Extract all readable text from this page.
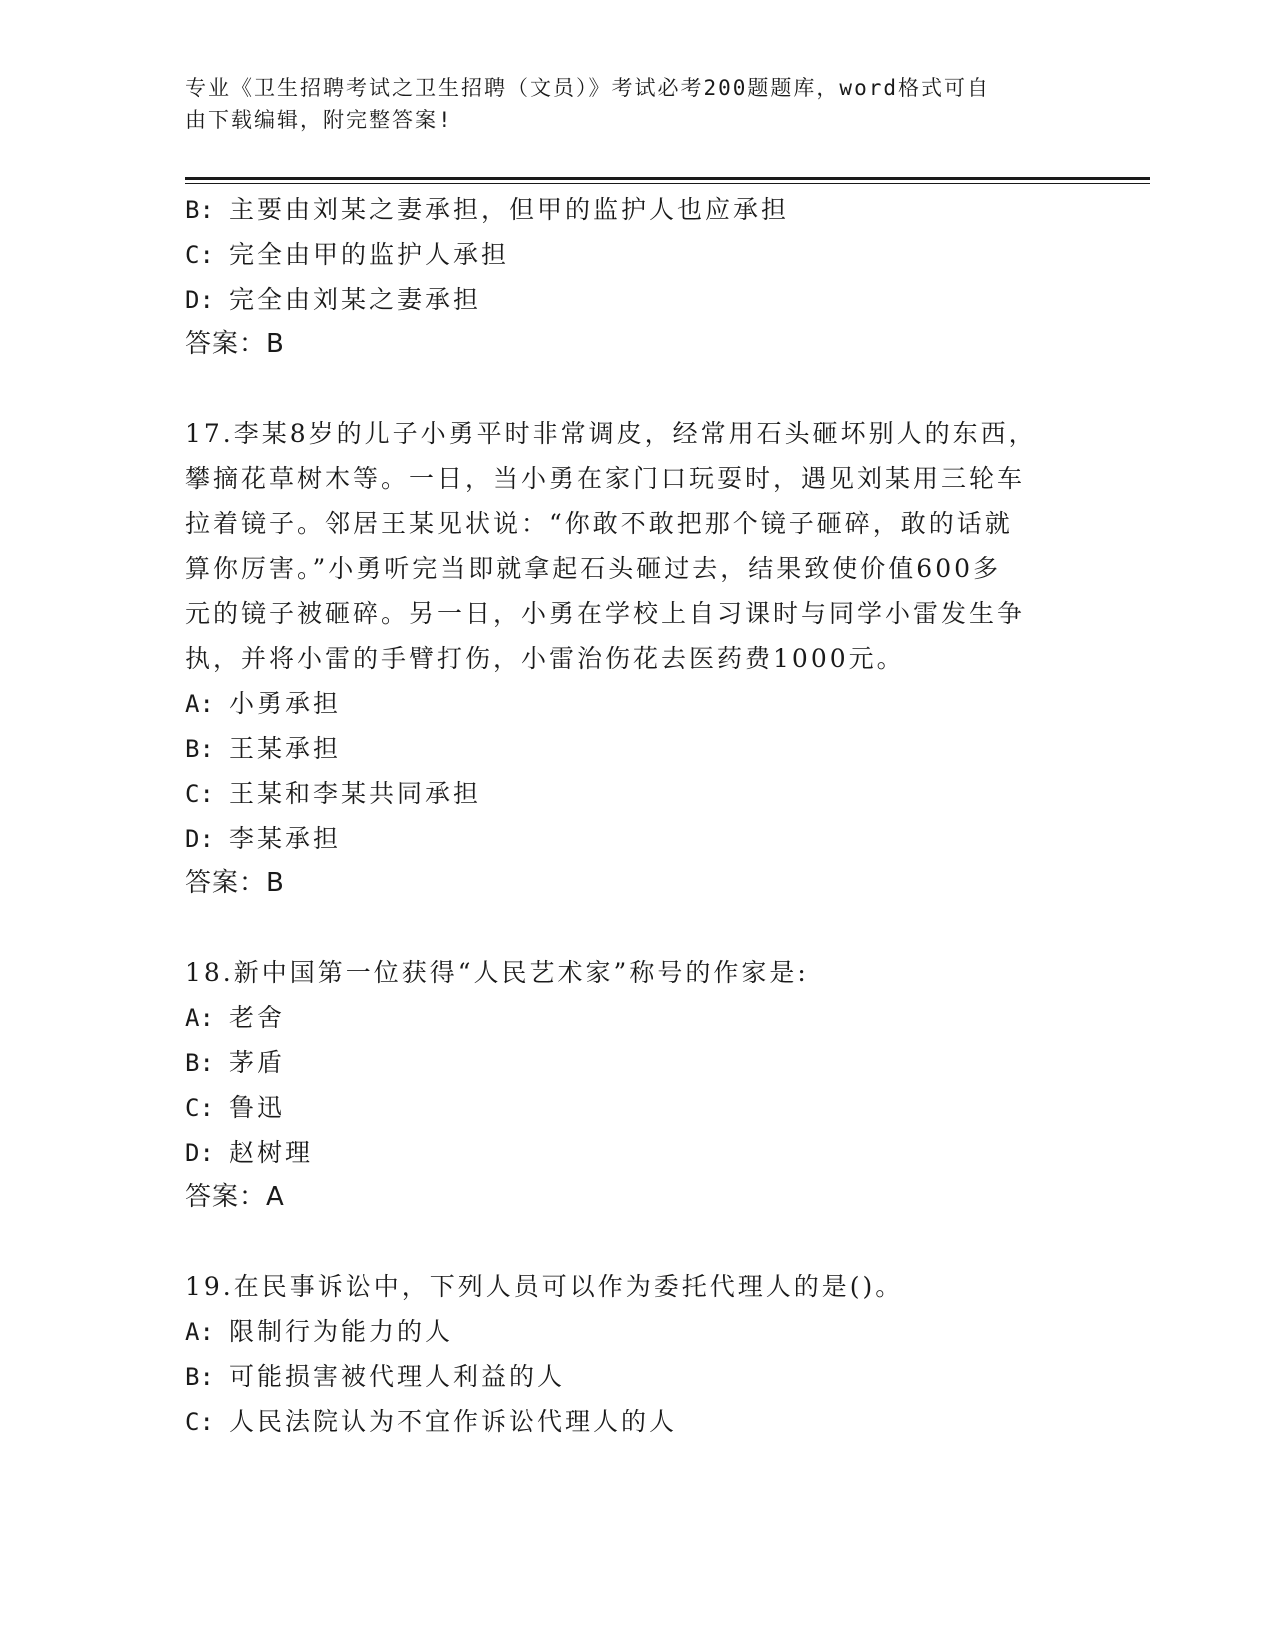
专业《卫生招聘考试之卫生招聘（文员）》考试必考200题题库，word格式可自
由下载编辑，附完整答案!
B: 主要由刘某之妻承担，但甲的监护人也应承担
C: 完全由甲的监护人承担
D: 完全由刘某之妻承担
答案：B
17.李某8岁的儿子小勇平时非常调皮，经常用石头砸坏别人的东西，
攀摘花草树木等。一日，当小勇在家门口玩耍时，遇见刘某用三轮车
拉着镜子。邻居王某见状说：“你敢不敢把那个镜子砸碎，敢的话就
算你厉害。”小勇听完当即就拿起石头砸过去，结果致使价值600多
元的镜子被砸碎。另一日，小勇在学校上自习课时与同学小雷发生争
执，并将小雷的手臂打伤，小雷治伤花去医药费1000元。
A: 小勇承担
B: 王某承担
C: 王某和李某共同承担
D: 李某承担
答案：B
18.新中国第一位获得“人民艺术家”称号的作家是:
A: 老舍
B: 茅盾
C: 鲁迅
D: 赵树理
答案：A
19.在民事诉讼中，下列人员可以作为委托代理人的是()。
A: 限制行为能力的人
B: 可能损害被代理人利益的人
C: 人民法院认为不宜作诉讼代理人的人
